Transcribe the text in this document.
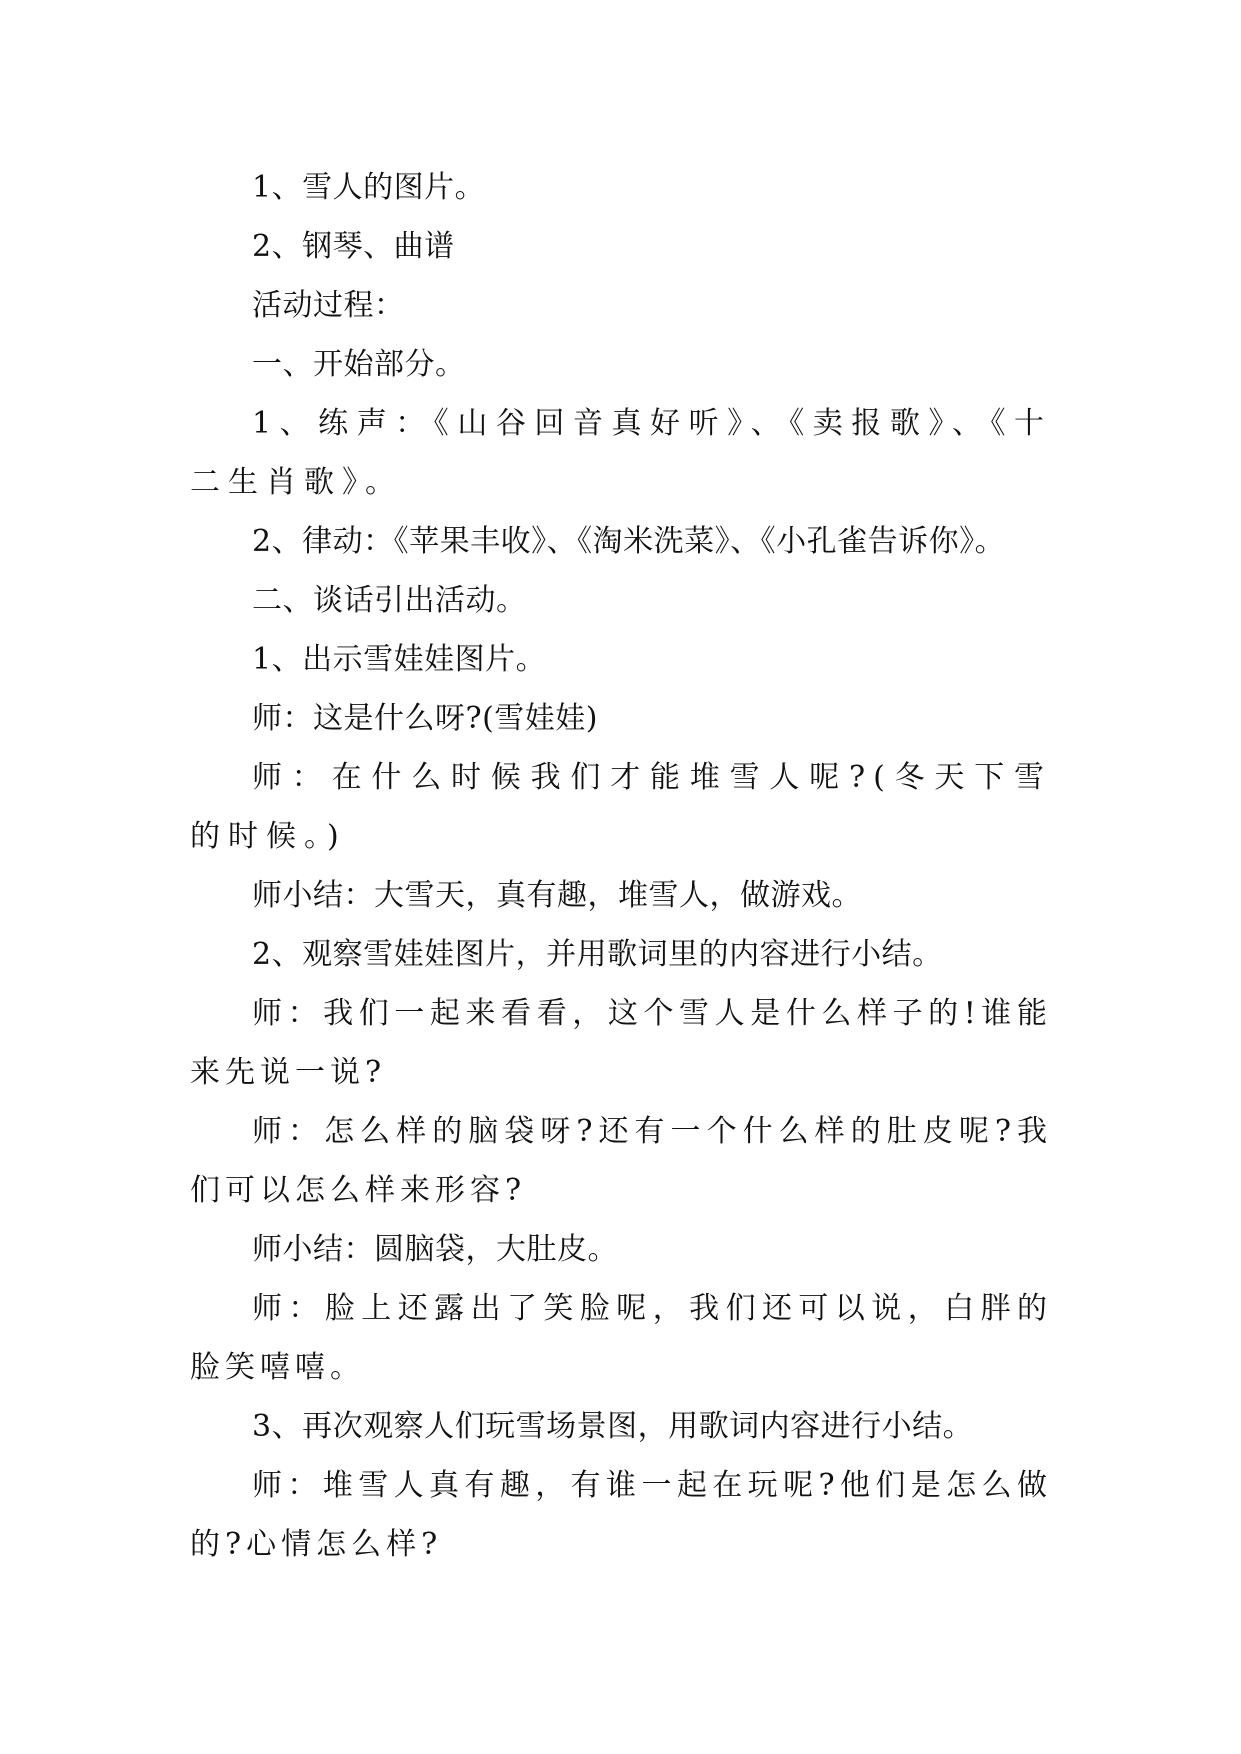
1、雪人的图片。

2、钢琴、曲谱

活动过程：

一、开始部分。

1、练声：《山谷回音真好听》、《卖报歌》、《十二生肖歌》。

2、律动：《苹果丰收》、《淘米洗菜》、《小孔雀告诉你》。

二、谈话引出活动。

1、出示雪娃娃图片。

师：这是什么呀?(雪娃娃)

师：在什么时候我们才能堆雪人呢?(冬天下雪的时候。)

师小结：大雪天，真有趣，堆雪人，做游戏。

2、观察雪娃娃图片，并用歌词里的内容进行小结。

师：我们一起来看看，这个雪人是什么样子的!谁能来先说一说?

师：怎么样的脑袋呀?还有一个什么样的肚皮呢?我们可以怎么样来形容?

师小结：圆脑袋，大肚皮。

师：脸上还露出了笑脸呢，我们还可以说，白胖的脸笑嘻嘻。

3、再次观察人们玩雪场景图，用歌词内容进行小结。

师：堆雪人真有趣，有谁一起在玩呢?他们是怎么做的?心情怎么样?
